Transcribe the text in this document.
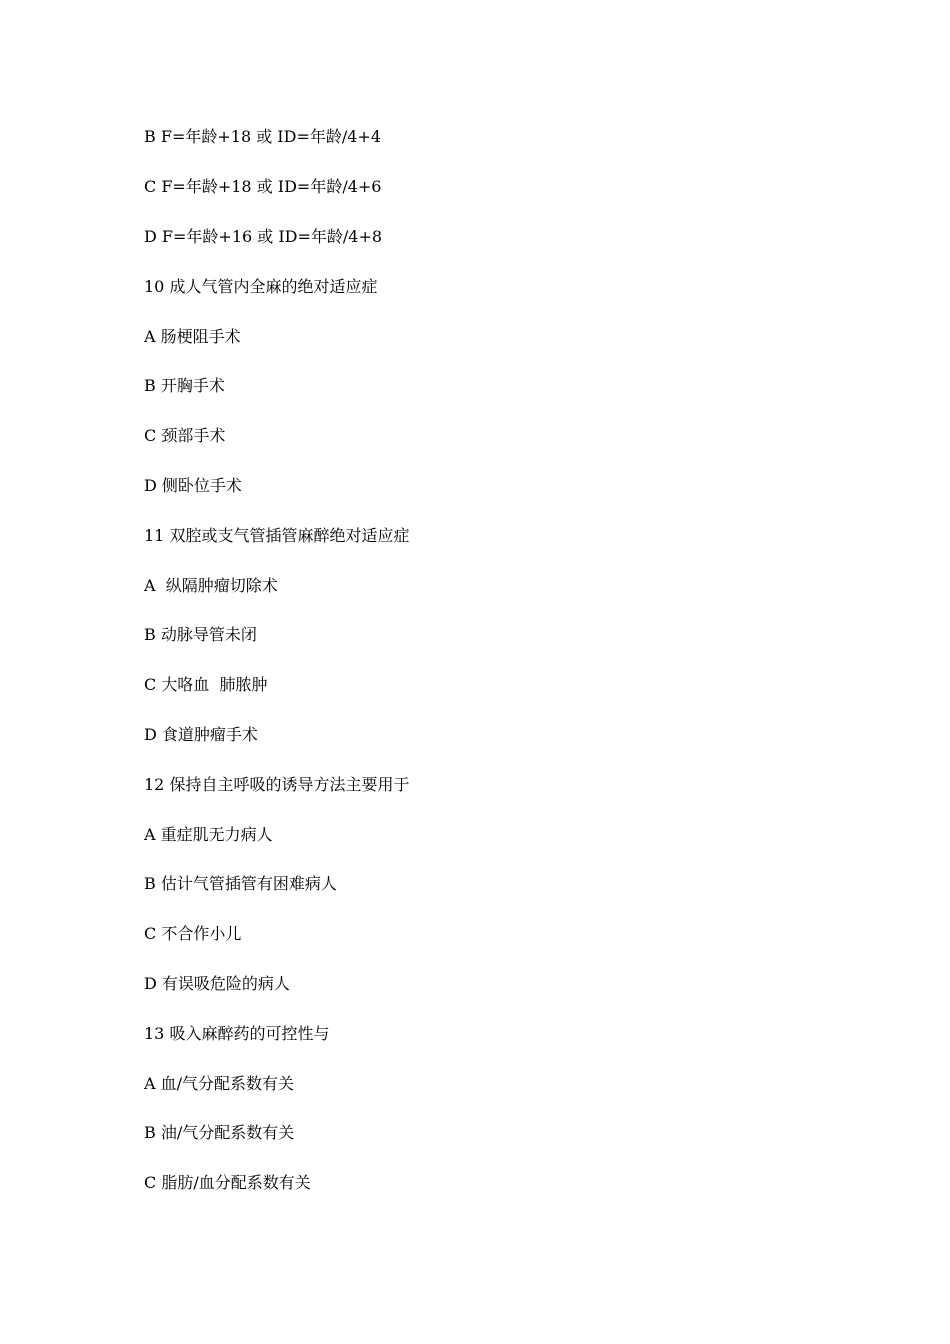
B F=年龄+18 或 ID=年龄/4+4
C F=年龄+18 或 ID=年龄/4+6
D F=年龄+16 或 ID=年龄/4+8
10 成人气管内全麻的绝对适应症
A 肠梗阻手术
B 开胸手术
C 颈部手术
D 侧卧位手术
11 双腔或支气管插管麻醉绝对适应症
A  纵隔肿瘤切除术
B 动脉导管未闭
C 大咯血  肺脓肿
D 食道肿瘤手术
12 保持自主呼吸的诱导方法主要用于
A 重症肌无力病人
B 估计气管插管有困难病人
C 不合作小儿
D 有误吸危险的病人
13 吸入麻醉药的可控性与
A 血/气分配系数有关
B 油/气分配系数有关
C 脂肪/血分配系数有关
